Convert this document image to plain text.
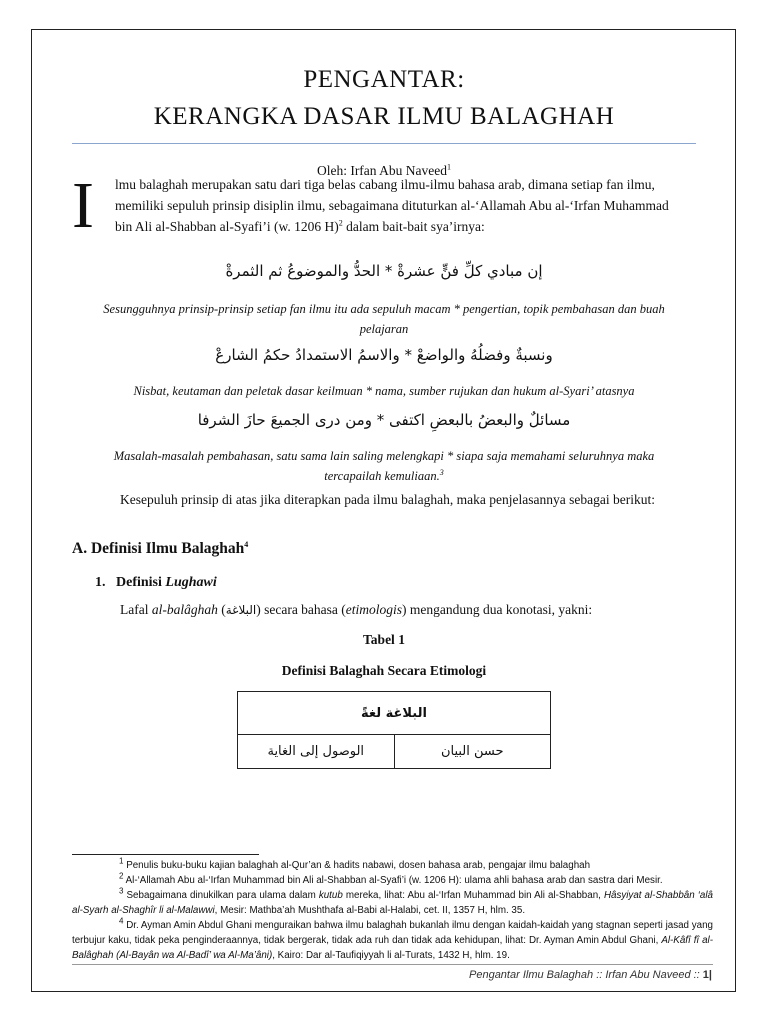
PENGANTAR:
KERANGKA DASAR ILMU BALAGHAH
Oleh: Irfan Abu Naveed$^1$
I lmu balaghah merupakan satu dari tiga belas cabang ilmu-ilmu bahasa arab, dimana setiap fan ilmu,
memiliki sepuluh prinsip disiplin ilmu, sebagaimana dituturkan al-‘Allamah Abu al-‘Irfan Muhammad
bin Ali al-Shabban al-Syafi’i (w. 1206 H)$^2$ dalam bait-bait sya’irnya:
إن مبادي كلِّ فنٍّ عشرةْ * الحدُّ والموضوعُ ثم الثمرةْ
Sesungguhnya prinsip-prinsip setiap fan ilmu itu ada sepuluh macam * pengertian, topik pembahasan dan buah pelajaran
ونسبةٌ وفضلُهُ والواضعْ * والاسمُ الاستمدادُ حكمُ الشارعْ
Nisbat, keutaman dan peletak dasar keilmuan * nama, sumber rujukan dan hukum al-Syari’ atasnya
مسائلٌ والبعضُ بالبعضِ اكتفى * ومن درى الجميعَ حازَ الشرفا
Masalah-masalah pembahasan, satu sama lain saling melengkapi * siapa saja memahami seluruhnya maka
tercapailah kemuliaan.$^3$
Kesepuluh prinsip di atas jika diterapkan pada ilmu balaghah, maka penjelasannya sebagai berikut:
A. Definisi Ilmu Balaghah$^4$
1. Definisi Lughawi
Lafal al-balâghah (البلاغة) secara bahasa (etimologis) mengandung dua konotasi, yakni:
Tabel 1
Definisi Balaghah Secara Etimologi
البلاغة لغةً
الوصول إلى الغاية	حسن البيان

$^1$ Penulis buku-buku kajian balaghah al-Qur’an & hadits nabawi, dosen bahasa arab, pengajar ilmu balaghah

$^2$ Al-‘Allamah Abu al-‘Irfan Muhammad bin Ali al-Shabban al-Syafi’i (w. 1206 H): ulama ahli bahasa arab dan sastra dari Mesir.

$^3$ Sebagaimana dinukilkan para ulama dalam kutub mereka, lihat: Abu al-‘Irfan Muhammad bin Ali al-Shabban, Hâsyiyat al-Shabbân ‘alâ al-Syarh al-Shaghîr li al-Malawwi, Mesir: Mathba’ah Mushthafa al-Babi al-Halabi, cet. II, 1357 H, hlm. 35.

$^4$ Dr. Ayman Amin Abdul Ghani menguraikan bahwa ilmu balaghah bukanlah ilmu dengan kaidah-kaidah yang stagnan seperti jasad yang terbujur kaku, tidak peka penginderaannya, tidak bergerak, tidak ada ruh dan tidak ada kehidupan, lihat: Dr. Ayman Amin Abdul Ghani, Al-Kâfî fî al-Balâghah (Al-Bayân wa Al-Badî’ wa Al-Ma’âni), Kairo: Dar al-Taufiqiyyah li al-Turats, 1432 H, hlm. 19.

Pengantar Ilmu Balaghah :: Irfan Abu Naveed :: 1|
